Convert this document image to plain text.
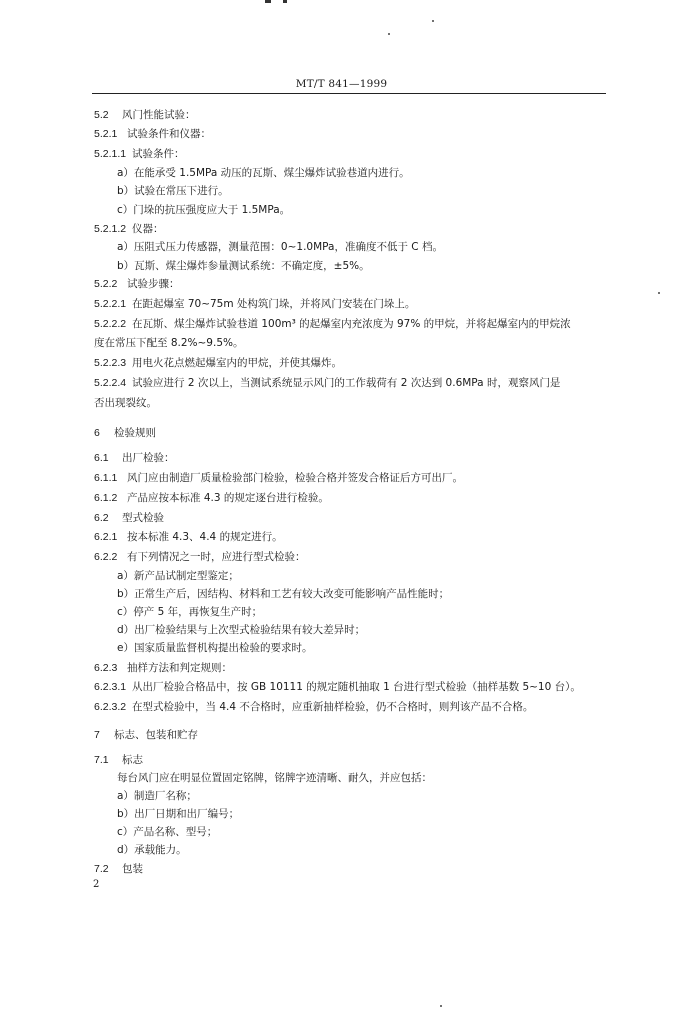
MT/T 841—1999
5.2 风门性能试验：
5.2.1 试验条件和仪器：
5.2.1.1 试验条件：
a）在能承受 1.5MPa 动压的瓦斯、煤尘爆炸试验巷道内进行。
b）试验在常压下进行。
c）门垛的抗压强度应大于 1.5MPa。
5.2.1.2 仪器：
a）压阻式压力传感器，测量范围：0~1.0MPa，准确度不低于 C 档。
b）瓦斯、煤尘爆炸参量测试系统：不确定度，±5%。
5.2.2 试验步骤：
5.2.2.1 在距起爆室 70~75m 处构筑门垛，并将风门安装在门垛上。
5.2.2.2 在瓦斯、煤尘爆炸试验巷道 100m³ 的起爆室内充浓度为 97% 的甲烷，并将起爆室内的甲烷浓
度在常压下配至 8.2%~9.5%。
5.2.2.3 用电火花点燃起爆室内的甲烷，并使其爆炸。
5.2.2.4 试验应进行 2 次以上，当测试系统显示风门的工作载荷有 2 次达到 0.6MPa 时，观察风门是
否出现裂纹。
6 检验规则
6.1 出厂检验：
6.1.1 风门应由制造厂质量检验部门检验，检验合格并签发合格证后方可出厂。
6.1.2 产品应按本标准 4.3 的规定逐台进行检验。
6.2 型式检验
6.2.1 按本标准 4.3、4.4 的规定进行。
6.2.2 有下列情况之一时，应进行型式检验：
a）新产品试制定型鉴定；
b）正常生产后，因结构、材料和工艺有较大改变可能影响产品性能时；
c）停产 5 年，再恢复生产时；
d）出厂检验结果与上次型式检验结果有较大差异时；
e）国家质量监督机构提出检验的要求时。
6.2.3 抽样方法和判定规则：
6.2.3.1 从出厂检验合格品中，按 GB 10111 的规定随机抽取 1 台进行型式检验（抽样基数 5~10 台）。
6.2.3.2 在型式检验中，当 4.4 不合格时，应重新抽样检验，仍不合格时，则判该产品不合格。
7 标志、包装和贮存
7.1 标志
每台风门应在明显位置固定铭牌，铭牌字迹清晰、耐久，并应包括：
a）制造厂名称；
b）出厂日期和出厂编号；
c）产品名称、型号；
d）承载能力。
7.2 包装
2
